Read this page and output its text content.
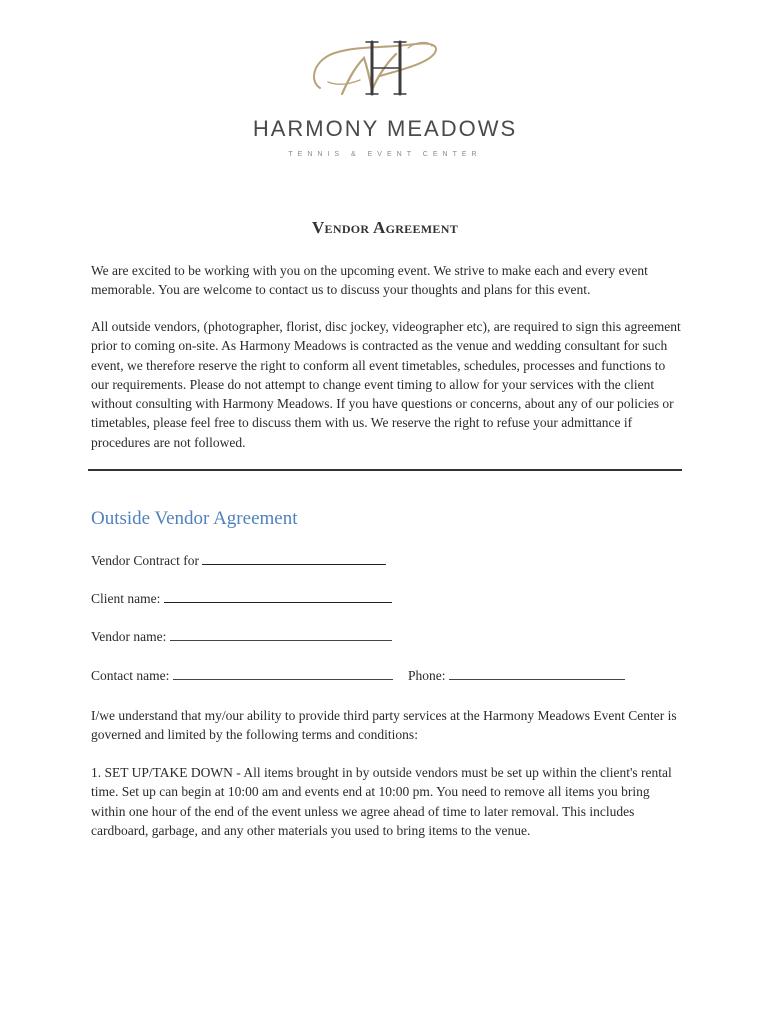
HARMONY MEADOWS
TENNIS & EVENT CENTER
Vendor Agreement

We are excited to be working with you on the upcoming event. We strive to make each and every event memorable. You are welcome to contact us to discuss your thoughts and plans for this event.

All outside vendors, (photographer, florist, disc jockey, videographer etc), are required to sign this agreement prior to coming on-site. As Harmony Meadows is contracted as the venue and wedding consultant for such event, we therefore reserve the right to conform all event timetables, schedules, processes and functions to our requirements. Please do not attempt to change event timing to allow for your services with the client without consulting with Harmony Meadows. If you have questions or concerns, about any of our policies or timetables, please feel free to discuss them with us. We reserve the right to refuse your admittance if procedures are not followed.

Outside Vendor Agreement
Vendor Contract for
Client name:
Vendor name:
Contact name:	Phone:

I/we understand that my/our ability to provide third party services at the Harmony Meadows Event Center is governed and limited by the following terms and conditions:

1. SET UP/TAKE DOWN - All items brought in by outside vendors must be set up within the client's rental time. Set up can begin at 10:00 am and events end at 10:00 pm. You need to remove all items you bring within one hour of the end of the event unless we agree ahead of time to later removal. This includes cardboard, garbage, and any other materials you used to bring items to the venue.
